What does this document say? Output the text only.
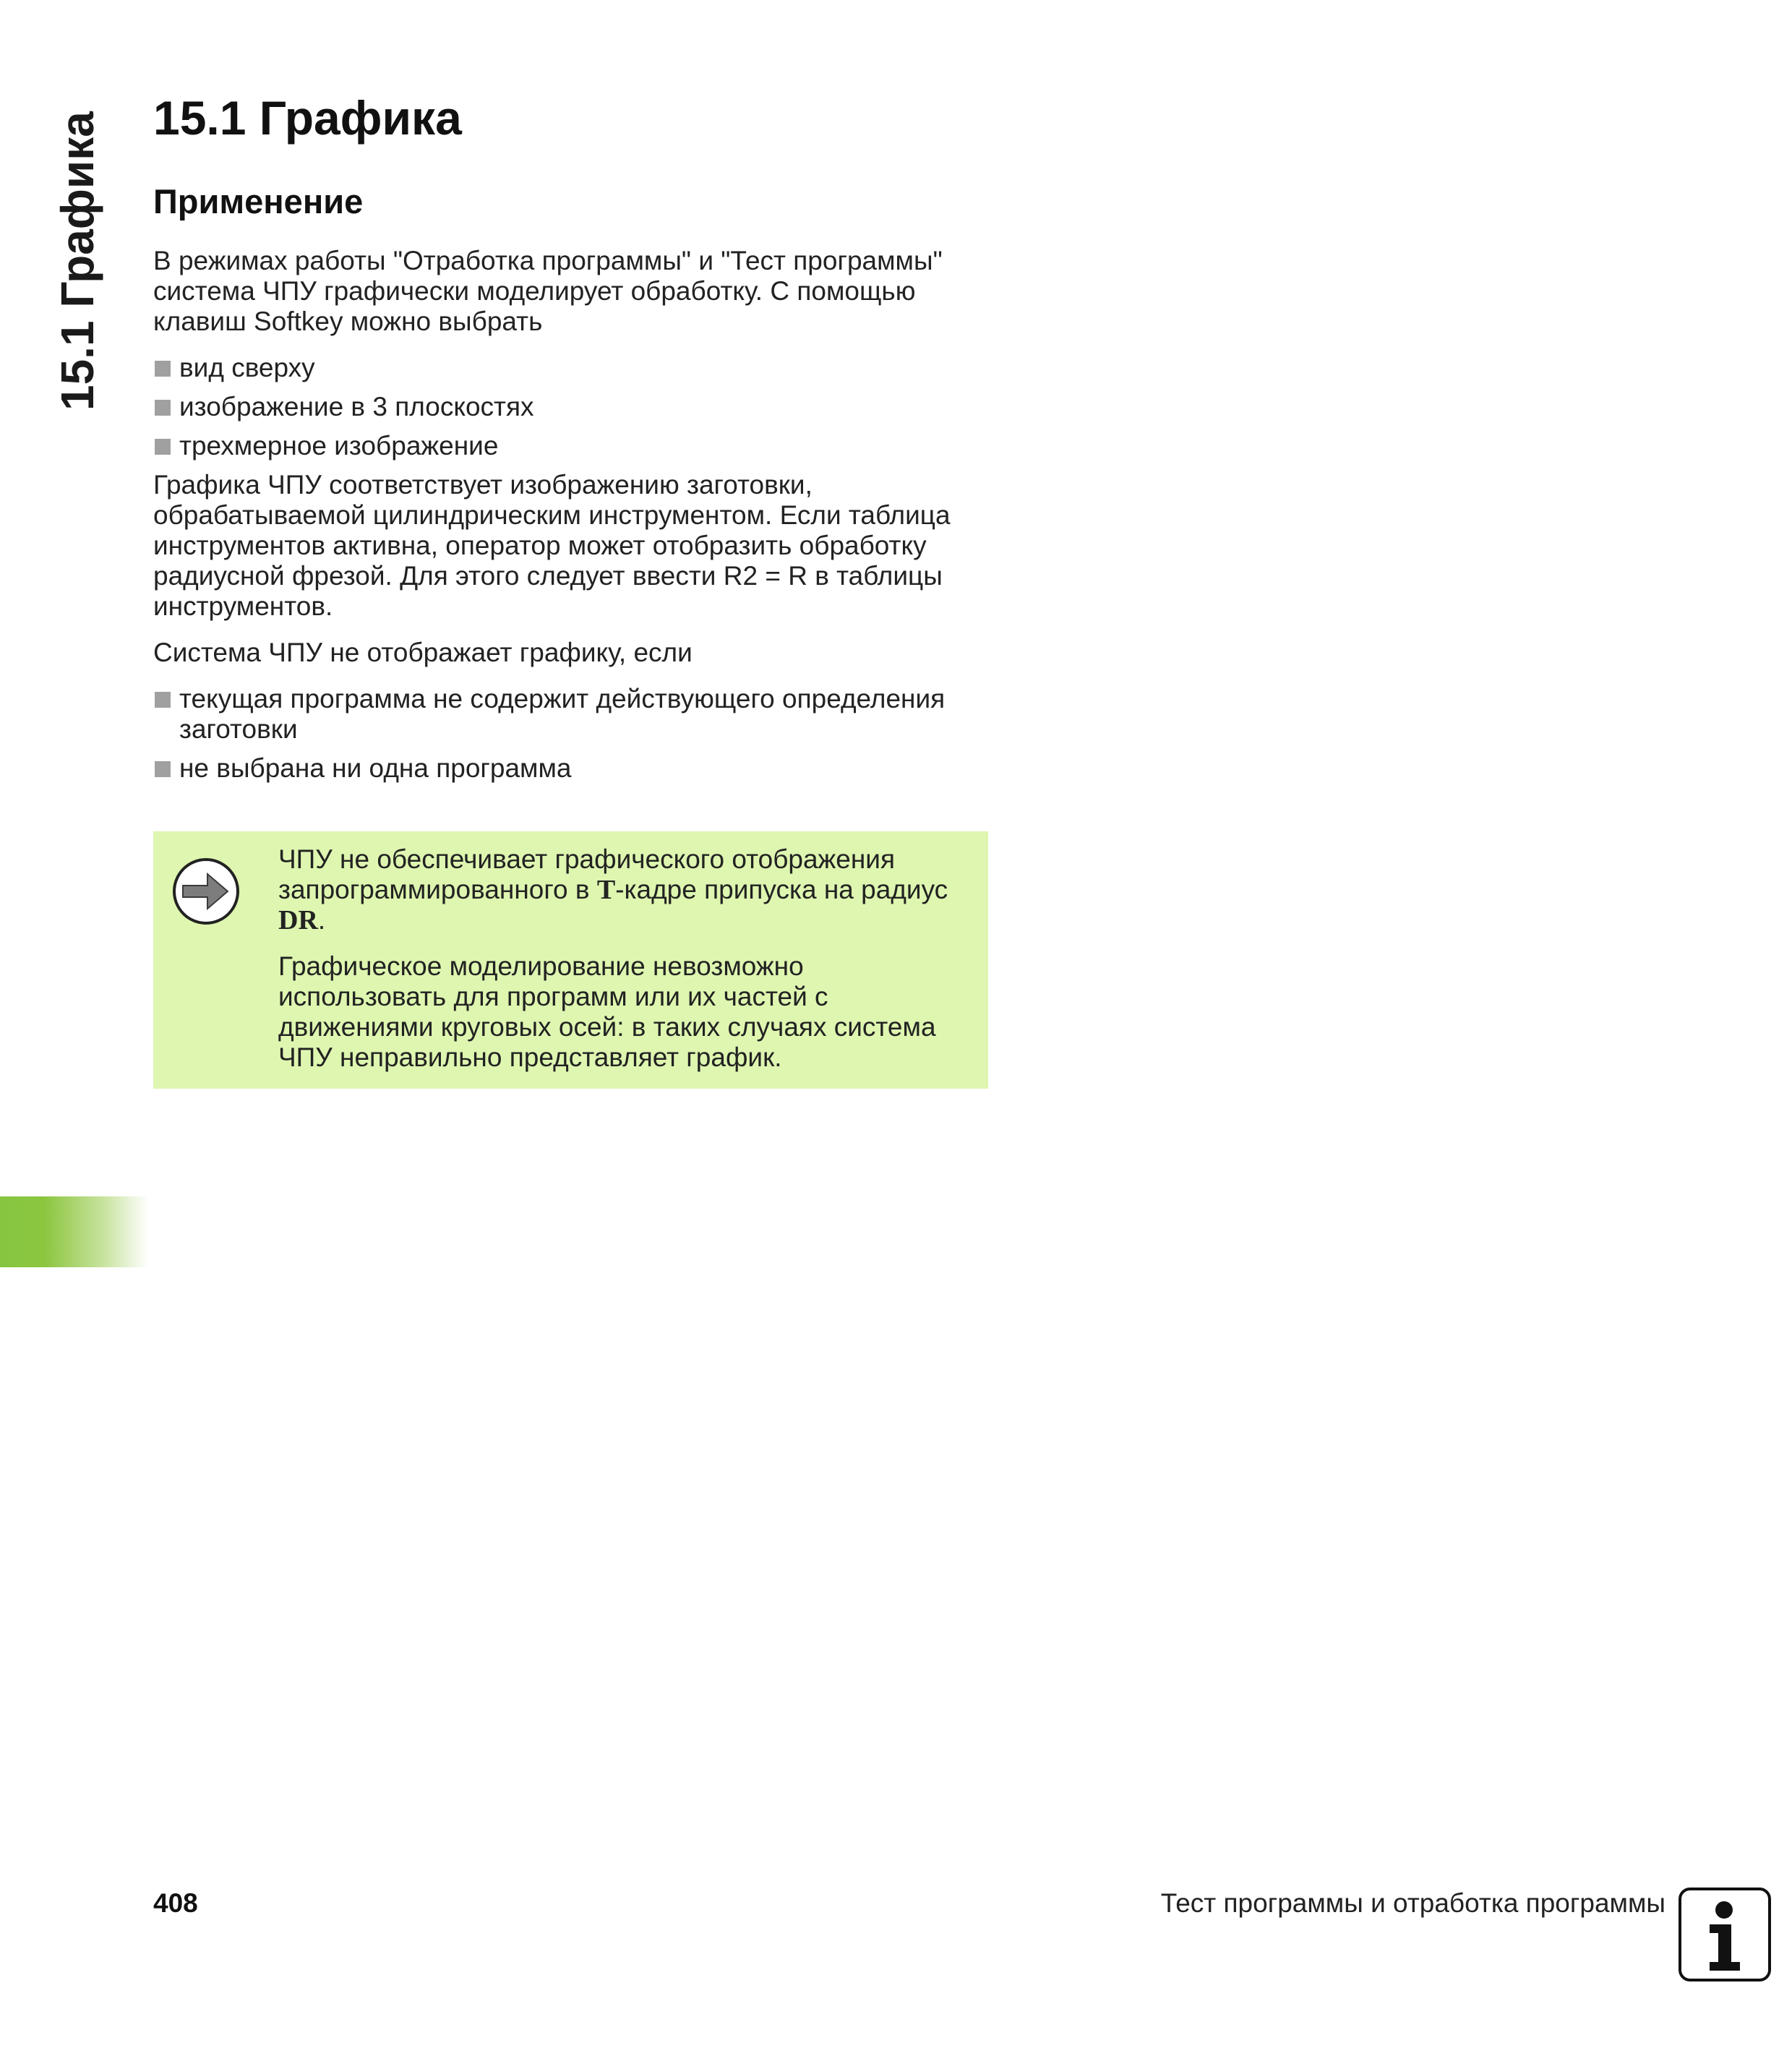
15.1 Графика 15.1 Графика
Применение

В режимах работы "Отработка программы" и "Тест программы" система ЧПУ графически моделирует обработку. С помощью клавиш Softkey можно выбрать

вид сверху
изображение в 3 плоскостях
трехмерное изображение

Графика ЧПУ соответствует изображению заготовки, обрабатываемой цилиндрическим инструментом. Если таблица инструментов активна, оператор может отобразить обработку радиусной фрезой. Для этого следует ввести R2 = R в таблицы инструментов.

Система ЧПУ не отображает графику, если

текущая программа не содержит действующего определения заготовки
не выбрана ни одна программа

ЧПУ не обеспечивает графического отображения запрограммированного в T-кадре припуска на радиус DR.

Графическое моделирование невозможно использовать для программ или их частей с движениями круговых осей: в таких случаях система ЧПУ неправильно представляет график.

408	Тест программы и отработка программы
